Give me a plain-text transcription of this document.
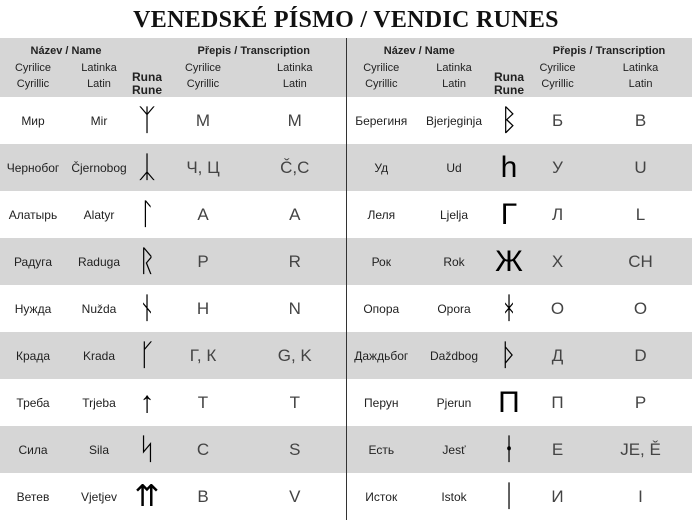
VENEDSKÉ PÍSMO / VENDIC RUNES
Název / Name		Runa
Rune	Přepis / Transcription		Název / Name		Runa
Rune	Přepis / Transcription	
Cyrilice	Latinka		Cyrilice	Latinka	Cyrilice	Latinka		Cyrilice	Latinka
Cyrillic	Latin		Cyrillic	Latin	Cyrillic	Latin		Cyrillic	Latin
Мир	Mir	ᛉ	М	M	Берегиня	Bjerjeginja	ᛒ	Б	B
Чернобог	Čjernobog	ᛣ	Ч, Ц	Č,C	Уд	Ud	h	У	U
Алатырь	Alatyr	ᛚ	А	A	Леля	Ljelja	Γ	Л	L
Радуга	Raduga	ᚱ	Р	R	Рок	Rok	Ж	Х	CH
Нужда	Nužda	ᚾ	Н	N	Опора	Opora	ᚼ	О	O
Крада	Krada	ᚴ	Г, К	G, K	Даждьбог	Daždbog	ᚦ	Д	D
Треба	Trjeba	↑	Т	T	Перун	Pjerun	Π	П	P
Сила	Sila	ᛋ	С	S	Есть	Jesť	ᚽ	Е	JE, Ě
Ветев	Vjetjev	⇈	В	V	Исток	Istok	ᛁ	И	I
